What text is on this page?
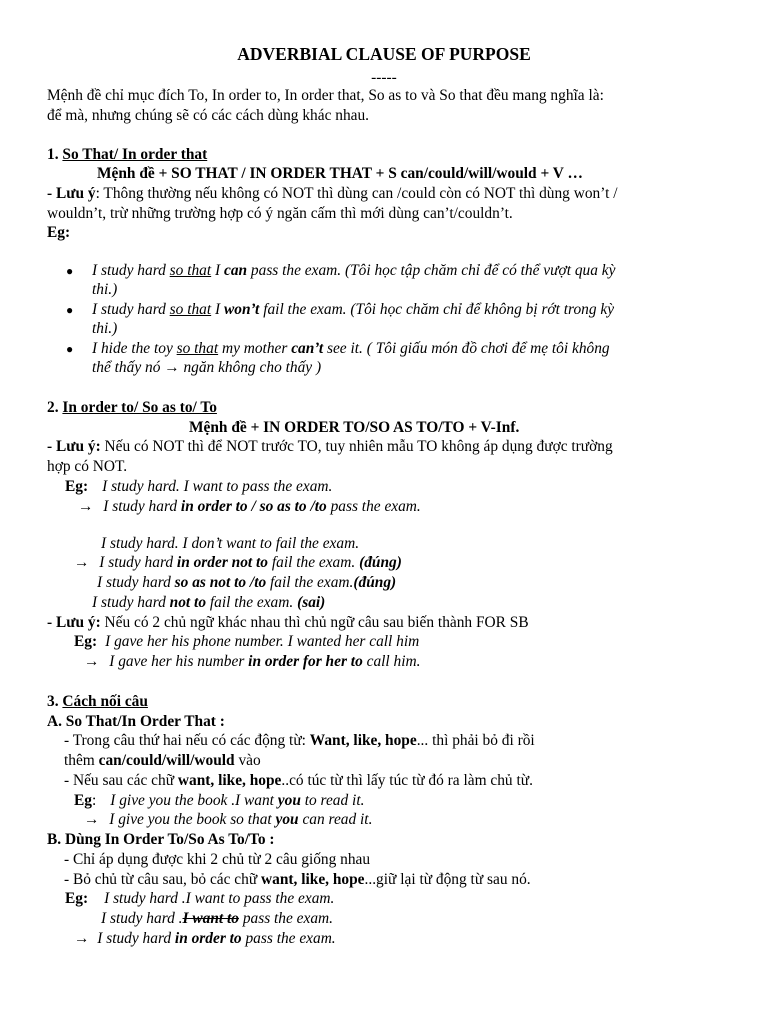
ADVERBIAL CLAUSE OF PURPOSE
-----
Mệnh đề chỉ mục đích To, In order to, In order that, So as to và So that đều mang nghĩa là:
để mà, nhưng chúng sẽ có các cách dùng khác nhau.
1. So That/ In order that
Mệnh đề + SO THAT / IN ORDER THAT + S can/could/will/would + V …
- Lưu ý: Thông thường nếu không có NOT thì dùng can /could còn có NOT thì dùng won’t /
wouldn’t, trừ những trường hợp có ý ngăn cấm thì mới dùng can’t/couldn’t.
Eg:
● I study hard so that I can pass the exam. (Tôi học tập chăm chỉ để có thể vượt qua kỳ
thi.)
● I study hard so that I won’t fail the exam. (Tôi học chăm chỉ để không bị rớt trong kỳ
thi.)
● I hide the toy so that my mother can’t see it. ( Tôi giấu món đồ chơi để mẹ tôi không
thể thấy nó → ngăn không cho thấy )
2. In order to/ So as to/ To
Mệnh đề + IN ORDER TO/SO AS TO/TO + V-Inf.
- Lưu ý: Nếu có NOT thì để NOT trước TO, tuy nhiên mẫu TO không áp dụng được trường
hợp có NOT.
Eg: I study hard. I want to pass the exam.
→ I study hard in order to / so as to /to pass the exam.
I study hard. I don’t want to fail the exam.
→ I study hard in order not to fail the exam. (đúng)
I study hard so as not to /to fail the exam.(đúng)
I study hard not to fail the exam. (sai)
- Lưu ý: Nếu có 2 chủ ngữ khác nhau thì chủ ngữ câu sau biến thành FOR SB
Eg: I gave her his phone number. I wanted her call him
→ I gave her his number in order for her to call him.
3. Cách nối câu
A. So That/In Order That :
- Trong câu thứ hai nếu có các động từ: Want, like, hope... thì phải bỏ đi rồi
thêm can/could/will/would vào
- Nếu sau các chữ want, like, hope..có túc từ thì lấy túc từ đó ra làm chủ từ.
Eg: I give you the book .I want you to read it.
→ I give you the book so that you can read it.
B. Dùng In Order To/So As To/To :
- Chỉ áp dụng được khi 2 chủ từ 2 câu giống nhau
- Bỏ chủ từ câu sau, bỏ các chữ want, like, hope...giữ lại từ động từ sau nó.
Eg: I study hard .I want to pass the exam.
I study hard .I want to pass the exam.
→ I study hard in order to pass the exam.
